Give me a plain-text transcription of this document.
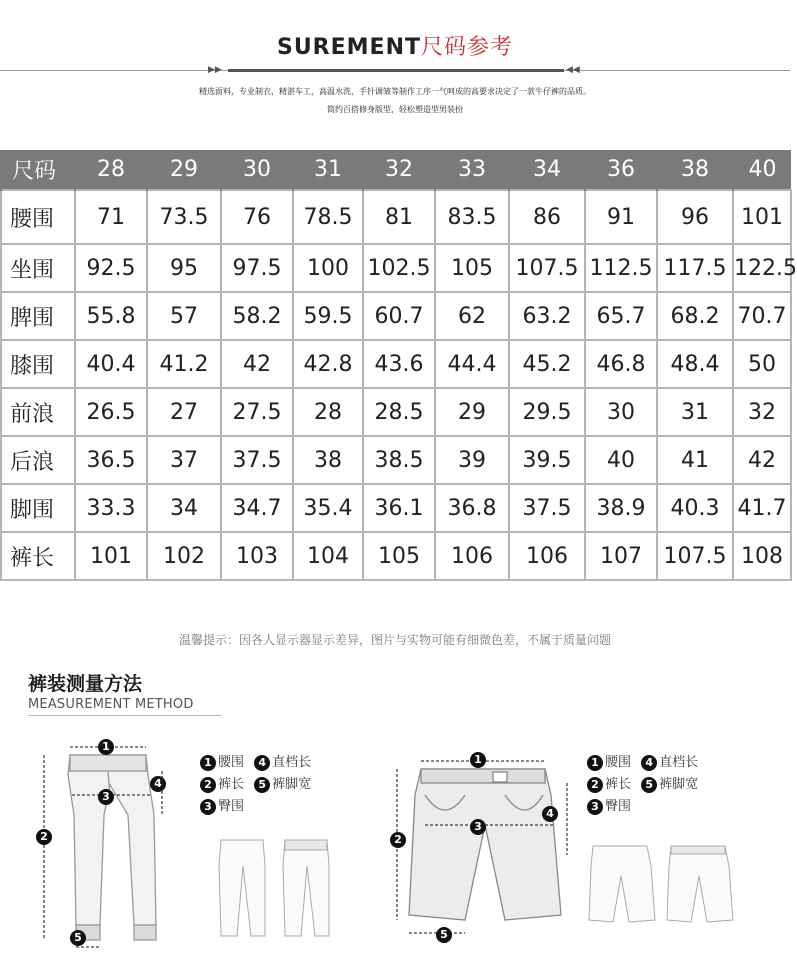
SUREMENT尺码参考
▶▶	◀◀
精选面料，专业制衣，精湛车工，高温水洗，手针调皱等制作工序一气呵成的高要求决定了一款牛仔裤的品质。
简约百搭修身版型，轻松塑造型男装扮
尺码	28	29	30	31	32	33	34	36	38	40
腰围	71	73.5	76	78.5	81	83.5	86	91	96	101
坐围	92.5	95	97.5	100	102.5	105	107.5	112.5	117.5	122.5
脾围	55.8	57	58.2	59.5	60.7	62	63.2	65.7	68.2	70.7
膝围	40.4	41.2	42	42.8	43.6	44.4	45.2	46.8	48.4	50
前浪	26.5	27	27.5	28	28.5	29	29.5	30	31	32
后浪	36.5	37	37.5	38	38.5	39	39.5	40	41	42
脚围	33.3	34	34.7	35.4	36.1	36.8	37.5	38.9	40.3	41.7
裤长	101	102	103	104	105	106	106	107	107.5	108
温馨提示：因各人显示器显示差异，图片与实物可能有细微色差，不属于质量问题
裤装测量方法
MEASUREMENT METHOD
1
2
3
4
5
1 腰围 4 直档长
2 裤长 5 裤脚宽
3 臀围
1
2
3
4
5
1 腰围 4 直档长
2 裤长 5 裤脚宽
3 臀围
